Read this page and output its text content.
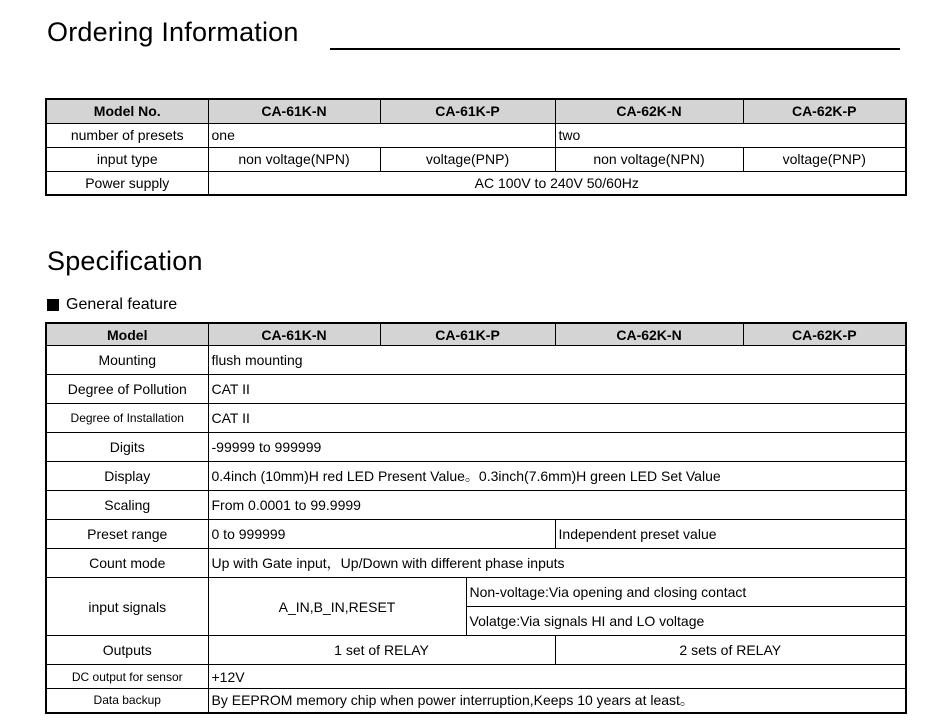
Ordering Information
Model No.	CA-61K-N	CA-61K-P	CA-62K-N	CA-62K-P
number of presets	one		two	
input type	non voltage(NPN)	voltage(PNP)	non voltage(NPN)	voltage(PNP)
Power supply	AC 100V to 240V 50/60Hz			
Specification
General feature
Model	CA-61K-N	CA-61K-P		CA-62K-N	CA-62K-P
Mounting	flush mounting				
Degree of Pollution	CAT II				
Degree of Installation	CAT II				
Digits	-99999 to 999999				
Display	0.4inch (10mm)H red LED Present Value。0.3inch(7.6mm)H green LED Set Value				
Scaling	From 0.0001 to 99.9999				
Preset range	0 to 999999			Independent preset value	
Count mode	Up with Gate input，Up/Down with different phase inputs				
input signals	A_IN,B_IN,RESET		Non-voltage:Via opening and closing contact		
			Volatge:Via signals HI and LO voltage		
Outputs	1 set of RELAY			2 sets of RELAY	
DC output for sensor	+12V				
Data backup	By EEPROM memory chip when power interruption,Keeps 10 years at least。				
